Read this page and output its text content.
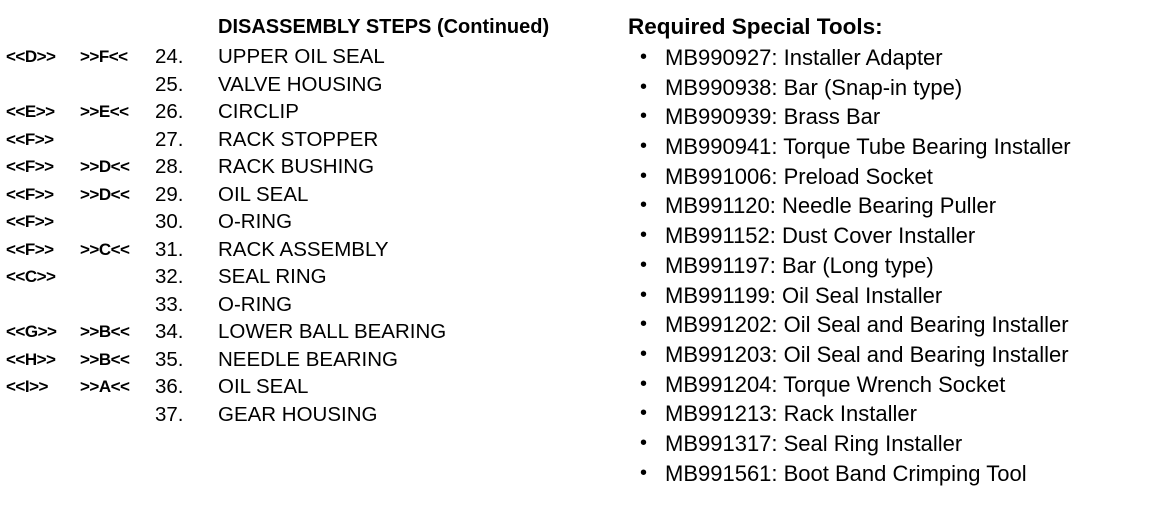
DISASSEMBLY STEPS (Continued)
<<D>> >>F<< 24. UPPER OIL SEAL
25. VALVE HOUSING
<<E>> >>E<< 26. CIRCLIP
<<F>>	27. RACK STOPPER
<<F>> >>D<< 28. RACK BUSHING
<<F>> >>D<< 29. OIL SEAL
<<F>>	30. O-RING
<<F>> >>C<< 31. RACK ASSEMBLY
<<C>>	32. SEAL RING
33. O-RING
<<G>> >>B<< 34. LOWER BALL BEARING
<<H>> >>B<< 35. NEEDLE BEARING
<<I>> >>A<< 36. OIL SEAL
37. GEAR HOUSING
Required Special Tools:
• MB990927: Installer Adapter
• MB990938: Bar (Snap-in type)
• MB990939: Brass Bar
• MB990941: Torque Tube Bearing Installer
• MB991006: Preload Socket
• MB991120: Needle Bearing Puller
• MB991152: Dust Cover Installer
• MB991197: Bar (Long type)
• MB991199: Oil Seal Installer
• MB991202: Oil Seal and Bearing Installer
• MB991203: Oil Seal and Bearing Installer
• MB991204: Torque Wrench Socket
• MB991213: Rack Installer
• MB991317: Seal Ring Installer
• MB991561: Boot Band Crimping Tool
